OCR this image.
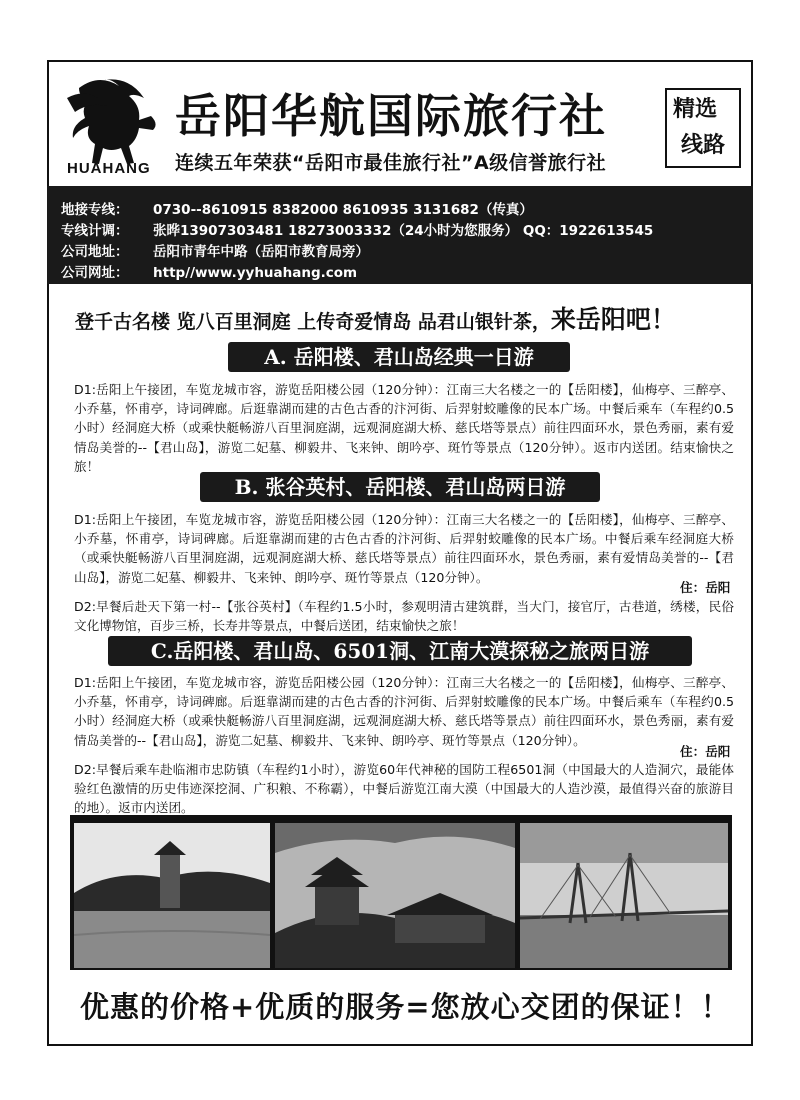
HUAHANG
岳阳华航国际旅行社
连续五年荣获“岳阳市最佳旅行社”A级信誉旅行社
精选
线路
地接专线： 0730--8610915 8382000 8610935 3131682（传真）
专线计调： 张晔13907303481 18273003332（24小时为您服务） QQ：1922613545
公司地址： 岳阳市青年中路（岳阳市教育局旁）
公司网址： http//www.yyhuahang.com
登千古名楼 览八百里洞庭 上传奇爱情岛 品君山银针茶，来岳阳吧！
A. 岳阳楼、君山岛经典一日游
D1:岳阳上午接团，车览龙城市容，游览岳阳楼公园（120分钟）：江南三大名楼之一的【岳阳楼】，仙梅亭、三醉亭、小乔墓，怀甫亭，诗词碑廊。后逛靠湖而建的古色古香的汴河街、后羿射蛟雕像的民本广场。中餐后乘车（车程约0.5小时）经洞庭大桥（或乘快艇畅游八百里洞庭湖，远观洞庭湖大桥、慈氏塔等景点）前往四面环水，景色秀丽，素有爱情岛美誉的--【君山岛】，游览二妃墓、柳毅井、飞来钟、朗吟亭、斑竹等景点（120分钟）。返市内送团。结束愉快之旅！
B. 张谷英村、岳阳楼、君山岛两日游
D1:岳阳上午接团，车览龙城市容，游览岳阳楼公园（120分钟）：江南三大名楼之一的【岳阳楼】，仙梅亭、三醉亭、小乔墓，怀甫亭，诗词碑廊。后逛靠湖而建的古色古香的汴河街、后羿射蛟雕像的民本广场。中餐后乘车经洞庭大桥（或乘快艇畅游八百里洞庭湖，远观洞庭湖大桥、慈氏塔等景点）前往四面环水，景色秀丽，素有爱情岛美誉的--【君山岛】，游览二妃墓、柳毅井、飞来钟、朗吟亭、斑竹等景点（120分钟）。
住：岳阳
D2:早餐后赴天下第一村--【张谷英村】（车程约1.5小时，参观明清古建筑群，当大门，接官厅，古巷道，绣楼，民俗文化博物馆，百步三桥，长寿井等景点，中餐后送团，结束愉快之旅！
C.岳阳楼、君山岛、6501洞、江南大漠探秘之旅两日游
D1:岳阳上午接团，车览龙城市容，游览岳阳楼公园（120分钟）：江南三大名楼之一的【岳阳楼】，仙梅亭、三醉亭、小乔墓，怀甫亭，诗词碑廊。后逛靠湖而建的古色古香的汴河街、后羿射蛟雕像的民本广场。中餐后乘车（车程约0.5小时）经洞庭大桥（或乘快艇畅游八百里洞庭湖，远观洞庭湖大桥、慈氏塔等景点）前往四面环水，景色秀丽，素有爱情岛美誉的--【君山岛】，游览二妃墓、柳毅井、飞来钟、朗吟亭、斑竹等景点（120分钟）。
住：岳阳
D2:早餐后乘车赴临湘市忠防镇（车程约1小时），游览60年代神秘的国防工程6501洞（中国最大的人造洞穴，最能体验红色激情的历史伟迹深挖洞、广积粮、不称霸），中餐后游览江南大漠（中国最大的人造沙漠，最值得兴奋的旅游目的地）。返市内送团。
优惠的价格+优质的服务=您放心交团的保证！！
